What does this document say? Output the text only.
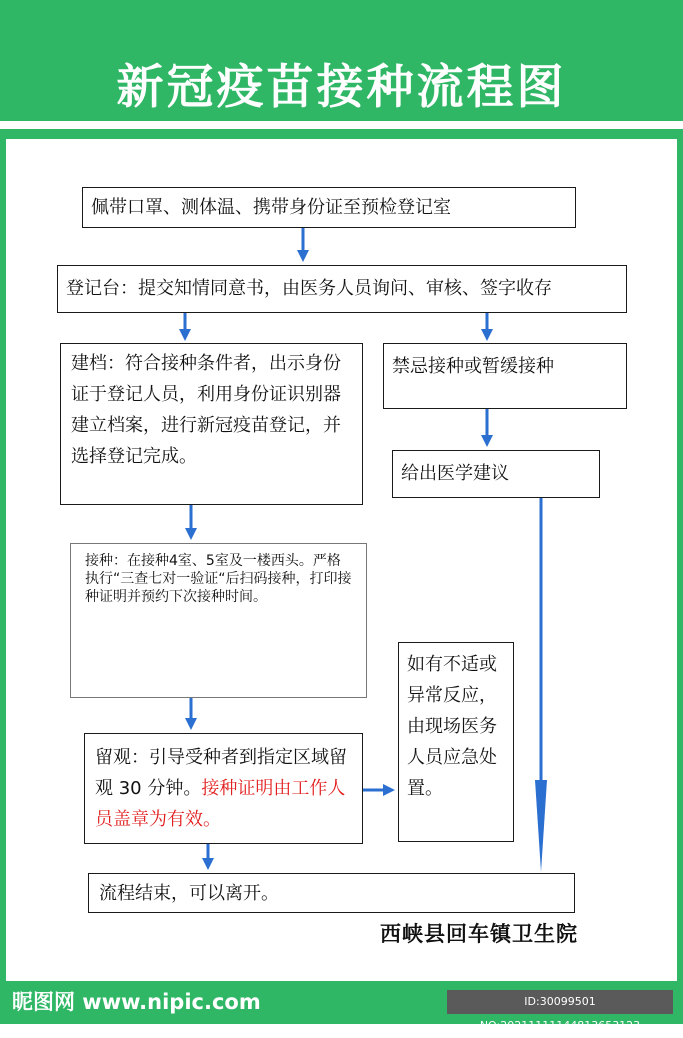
新冠疫苗接种流程图
佩带口罩、测体温、携带身份证至预检登记室
登记台：提交知情同意书，由医务人员询问、审核、签字收存
建档：符合接种条件者，出示身份证于登记人员，利用身份证识别器建立档案，进行新冠疫苗登记，并选择登记完成。
接种：在接种4室、5室及一楼西头。严格执行“三查七对一验证“后扫码接种，打印接种证明并预约下次接种时间。
留观：引导受种者到指定区域留观 30 分钟。接种证明由工作人员盖章为有效。
流程结束，可以离开。
禁忌接种或暂缓接种
给出医学建议
如有不适或异常反应，由现场医务人员应急处置。
西峡县回车镇卫生院
昵图网 www.nipic.com	ID:30099501 NO:20211111144813653123
